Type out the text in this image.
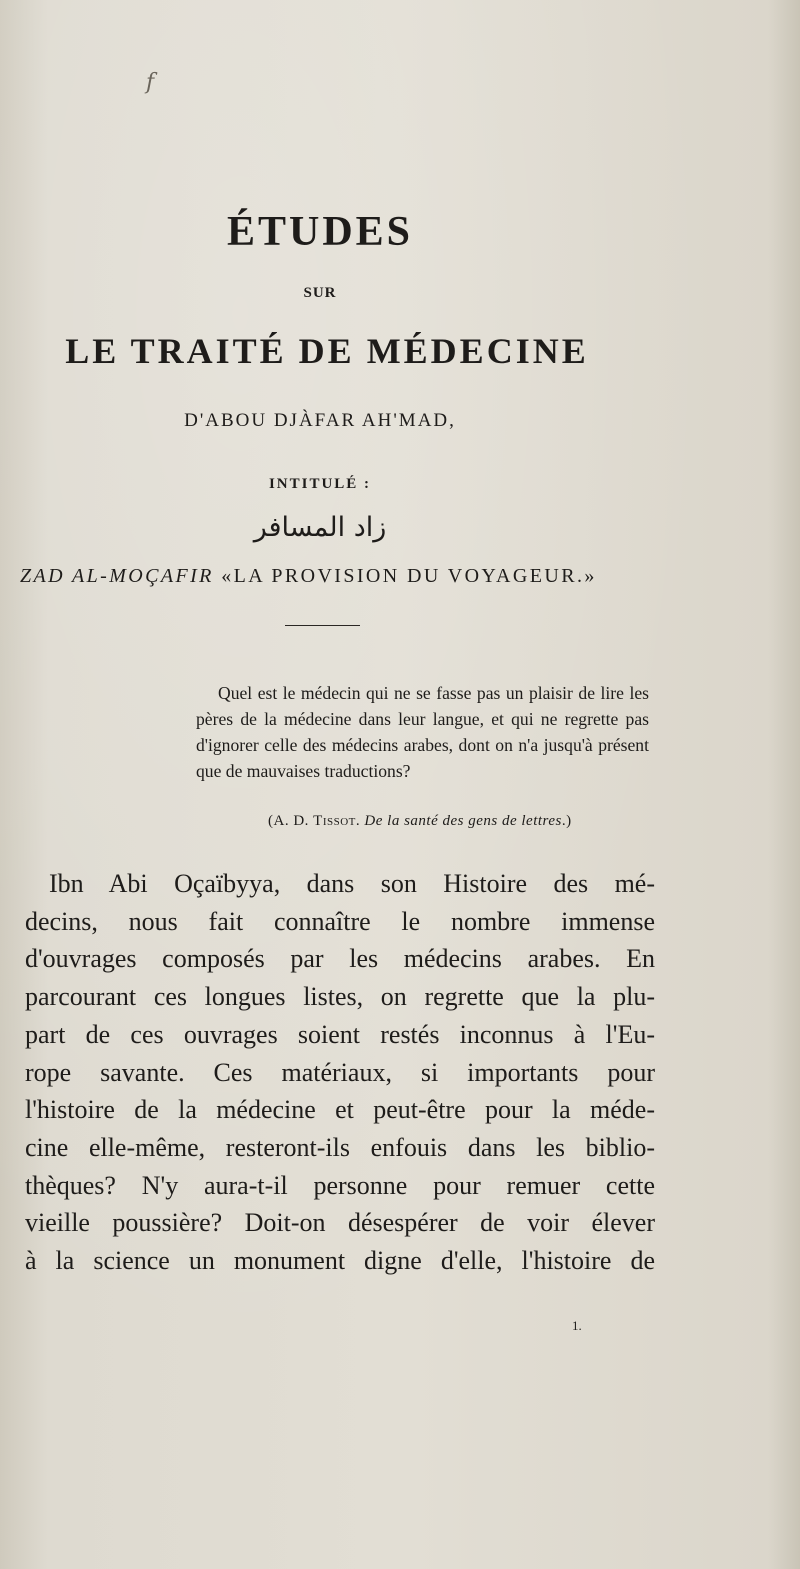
f
ÉTUDES
SUR
LE TRAITÉ DE MÉDECINE
D'ABOU DJÀFAR AH'MAD,
INTITULÉ :
زاد المسافر
ZAD AL-MOÇAFIR «LA PROVISION DU VOYAGEUR.»

Quel est le médecin qui ne se fasse pas un plaisir de lire les pères de la médecine dans leur langue, et qui ne regrette pas d'ignorer celle des médecins arabes, dont on n'a jusqu'à présent que de mauvaises traductions?

(A. D. Tissot. De la santé des gens de lettres.)
Ibn Abi Oçaïbyya, dans son Histoire des mé-
decins, nous fait connaître le nombre immense
d'ouvrages composés par les médecins arabes. En
parcourant ces longues listes, on regrette que la plu-
part de ces ouvrages soient restés inconnus à l'Eu-
rope savante. Ces matériaux, si importants pour
l'histoire de la médecine et peut-être pour la méde-
cine elle-même, resteront-ils enfouis dans les biblio-
thèques? N'y aura-t-il personne pour remuer cette
vieille poussière? Doit-on désespérer de voir élever
à la science un monument digne d'elle, l'histoire de
1.
